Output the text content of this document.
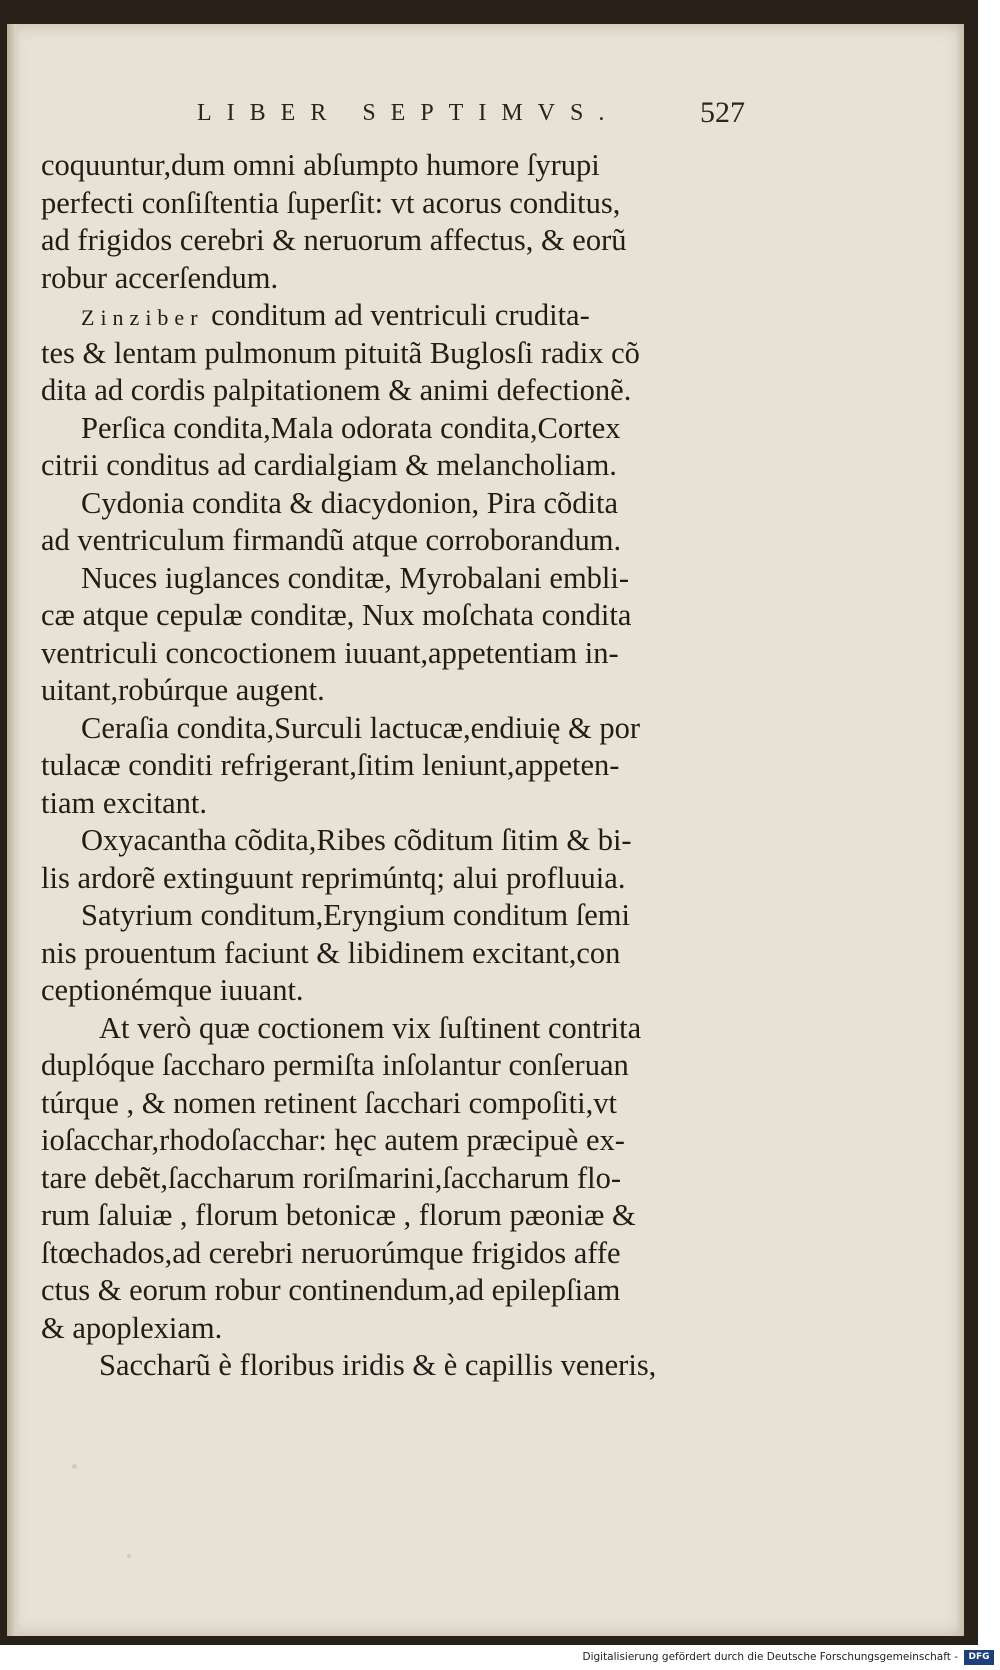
LIBER SEPTIMVS.	527
coquuntur,dum omni abſumpto humore ſyrupi
perfecti conſiſtentia ſuperſit: vt acorus conditus,
ad frigidos cerebri & neruorum affectus, & eorũ
robur accerſendum.
Zinziber conditum ad ventriculi crudita-
tes & lentam pulmonum pituitã Buglosſi radix cõ
dita ad cordis palpitationem & animi defectionẽ.
Perſica condita,Mala odorata condita,Cortex
citrii conditus ad cardialgiam & melancholiam.
Cydonia condita & diacydonion, Pira cõdita
ad ventriculum firmandũ atque corroborandum.
Nuces iuglances conditæ, Myrobalani embli-
cæ atque cepulæ conditæ, Nux moſchata condita
ventriculi concoctionem iuuant,appetentiam in-
uitant,robúrque augent.
Ceraſia condita,Surculi lactucæ,endiuię & por
tulacæ conditi refrigerant,ſitim leniunt,appeten-
tiam excitant.
Oxyacantha cõdita,Ribes cõditum ſitim & bi-
lis ardorẽ extinguunt reprimúntq; alui profluuia.
Satyrium conditum,Eryngium conditum ſemi
nis prouentum faciunt & libidinem excitant,con
ceptionémque iuuant.
At verò quæ coctionem vix ſuſtinent contrita
duplóque ſaccharo permiſta inſolantur conſeruan
túrque , & nomen retinent ſacchari compoſiti,vt
ioſacchar,rhodoſacchar: hęc autem præcipuè ex-
tare debẽt,ſaccharum roriſmarini,ſaccharum flo-
rum ſaluiæ , florum betonicæ , florum pæoniæ &
ſtœchados,ad cerebri neruorúmque frigidos affe
ctus & eorum robur continendum,ad epilepſiam
& apoplexiam.
Saccharũ è floribus iridis & è capillis veneris,
Digitalisierung gefördert durch die Deutsche Forschungsgemeinschaft -	DFG
